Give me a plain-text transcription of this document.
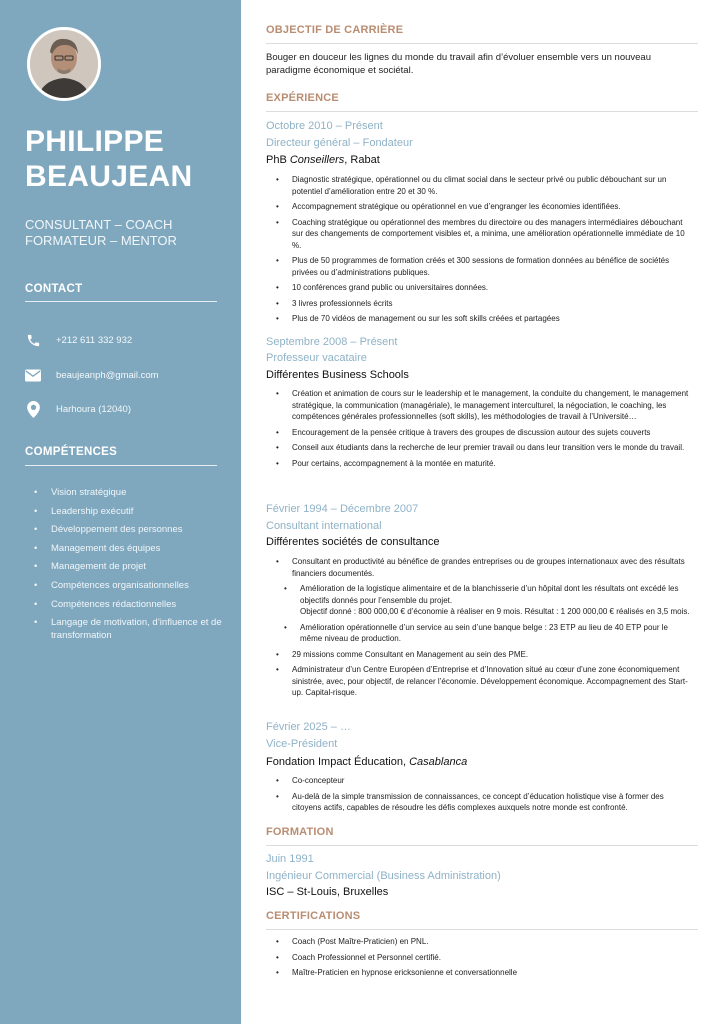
PHILIPPE
BEAUJEAN
CONSULTANT – COACH
FORMATEUR – MENTOR
CONTACT
+212 611 332 932
beaujeanph@gmail.com
Harhoura (12040)
COMPÉTENCES
• Vision stratégique
• Leadership exécutif
• Développement des personnes
• Management des équipes
• Management de projet
• Compétences organisationnelles
• Compétences rédactionnelles
• Langage de motivation, d’influence et de transformation
OBJECTIF DE CARRIÈRE
Bouger en douceur les lignes du monde du travail afin d’évoluer ensemble vers un nouveau paradigme économique et sociétal.
EXPÉRIENCE
Octobre 2010 – Présent
Directeur général – Fondateur
PhB Conseillers, Rabat
• Diagnostic stratégique, opérationnel ou du climat social dans le secteur privé ou public débouchant sur un potentiel d’amélioration entre 20 et 30 %.
• Accompagnement stratégique ou opérationnel en vue d’engranger les économies identifiées.
• Coaching stratégique ou opérationnel des membres du directoire ou des managers intermédiaires débouchant sur des changements de comportement visibles et, a minima, une amélioration opérationnelle immédiate de 10 %.
• Plus de 50 programmes de formation créés et 300 sessions de formation données au bénéfice de sociétés privées ou d’administrations publiques.
• 10 conférences grand public ou universitaires données.
• 3 livres professionnels écrits
• Plus de 70 vidéos de management ou sur les soft skills créées et partagées
Septembre 2008 – Présent
Professeur vacataire
Différentes Business Schools
• Création et animation de cours sur le leadership et le management, la conduite du changement, le management stratégique, la communication (managériale), le management interculturel, la négociation, le coaching, les compétences générales professionnelles (soft skills), les méthodologies de travail à l’Université…
• Encouragement de la pensée critique à travers des groupes de discussion autour des sujets couverts
• Conseil aux étudiants dans la recherche de leur premier travail ou dans leur transition vers le monde du travail.
• Pour certains, accompagnement à la montée en maturité.
Février 1994 – Décembre 2007
Consultant international
Différentes sociétés de consultance
• Consultant en productivité au bénéfice de grandes entreprises ou de groupes internationaux avec des résultats financiers documentés.
• Amélioration de la logistique alimentaire et de la blanchisserie d’un hôpital dont les résultats ont excédé les objectifs donnés pour l’ensemble du projet.
Objectif donné : 800 000,00 € d’économie à réaliser en 9 mois. Résultat : 1 200 000,00 € réalisés en 3,5 mois.
• Amélioration opérationnelle d’un service au sein d’une banque belge : 23 ETP au lieu de 40 ETP pour le même niveau de production.
• 29 missions comme Consultant en Management au sein des PME.
• Administrateur d’un Centre Européen d’Entreprise et d’Innovation situé au cœur d’une zone économiquement sinistrée, avec, pour objectif, de relancer l’économie. Développement économique. Accompagnement des Start-up. Capital-risque.
Février 2025 – …
Vice-Président
Fondation Impact Éducation, Casablanca
• Co-concepteur
• Au-delà de la simple transmission de connaissances, ce concept d’éducation holistique vise à former des citoyens actifs, capables de résoudre les défis complexes auxquels notre monde est confronté.
FORMATION
Juin 1991
Ingénieur Commercial (Business Administration)
ISC – St-Louis, Bruxelles
CERTIFICATIONS
• Coach (Post Maître-Praticien) en PNL.
• Coach Professionnel et Personnel certifié.
• Maître-Praticien en hypnose ericksonienne et conversationnelle
